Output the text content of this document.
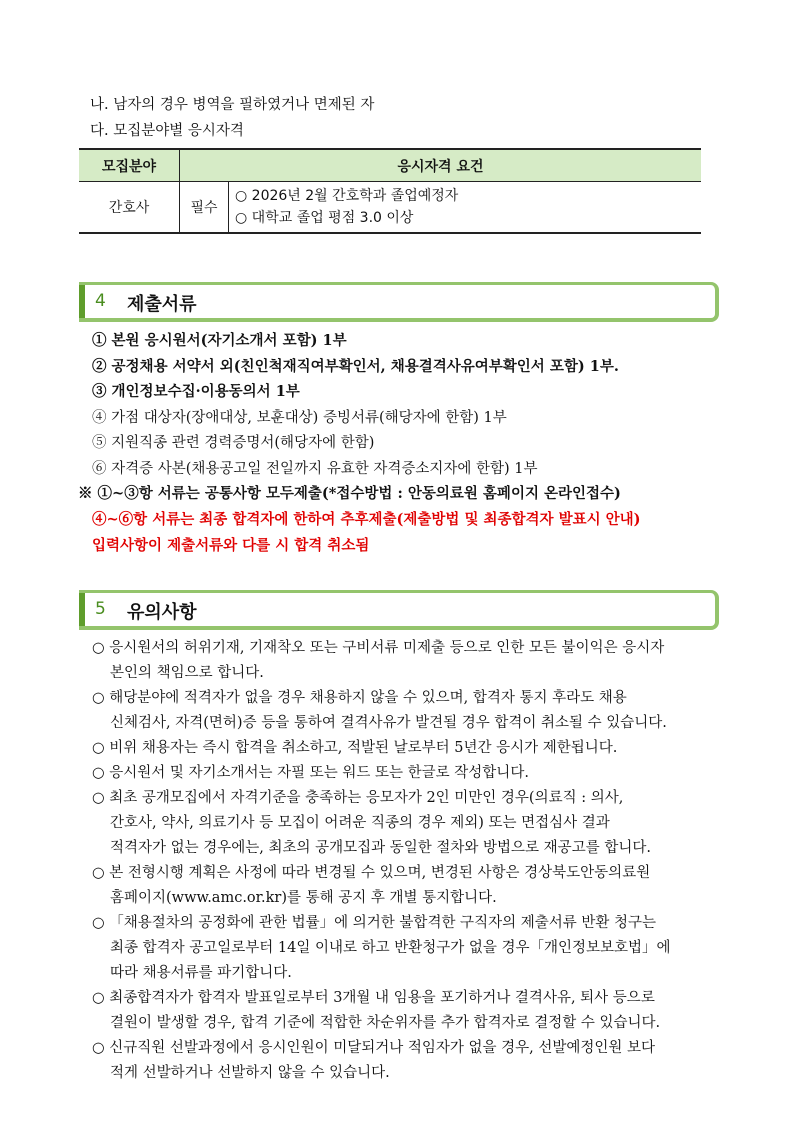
나. 남자의 경우 병역을 필하였거나 면제된 자
다. 모집분야별 응시자격
모집분야	응시자격 요건	
간호사	필수	○ 2026년 2월 간호학과 졸업예정자
○ 대학교 졸업 평점 3.0 이상
4 제출서류
① 본원 응시원서(자기소개서 포함) 1부
② 공정채용 서약서 외(친인척재직여부확인서, 채용결격사유여부확인서 포함) 1부.
③ 개인정보수집·이용동의서 1부
④ 가점 대상자(장애대상, 보훈대상) 증빙서류(해당자에 한함) 1부
⑤ 지원직종 관련 경력증명서(해당자에 한함)
⑥ 자격증 사본(채용공고일 전일까지 유효한 자격증소지자에 한함) 1부
※ ①~③항 서류는 공통사항 모두제출(*접수방법 : 안동의료원 홈페이지 온라인접수)
④~⑥항 서류는 최종 합격자에 한하여 추후제출(제출방법 및 최종합격자 발표시 안내)
입력사항이 제출서류와 다를 시 합격 취소됨
5 유의사항
○ 응시원서의 허위기재, 기재착오 또는 구비서류 미제출 등으로 인한 모든 불이익은 응시자
본인의 책임으로 합니다.
○ 해당분야에 적격자가 없을 경우 채용하지 않을 수 있으며, 합격자 통지 후라도 채용
신체검사, 자격(면허)증 등을 통하여 결격사유가 발견될 경우 합격이 취소될 수 있습니다.
○ 비위 채용자는 즉시 합격을 취소하고, 적발된 날로부터 5년간 응시가 제한됩니다.
○ 응시원서 및 자기소개서는 자필 또는 워드 또는 한글로 작성합니다.
○ 최초 공개모집에서 자격기준을 충족하는 응모자가 2인 미만인 경우(의료직 : 의사,
간호사, 약사, 의료기사 등 모집이 어려운 직종의 경우 제외) 또는 면접심사 결과
적격자가 없는 경우에는, 최초의 공개모집과 동일한 절차와 방법으로 재공고를 합니다.
○ 본 전형시행 계획은 사정에 따라 변경될 수 있으며, 변경된 사항은 경상북도안동의료원
홈페이지(www.amc.or.kr)를 통해 공지 후 개별 통지합니다.
○ 「채용절차의 공정화에 관한 법률」에 의거한 불합격한 구직자의 제출서류 반환 청구는
최종 합격자 공고일로부터 14일 이내로 하고 반환청구가 없을 경우「개인정보보호법」에
따라 채용서류를 파기합니다.
○ 최종합격자가 합격자 발표일로부터 3개월 내 임용을 포기하거나 결격사유, 퇴사 등으로
결원이 발생할 경우, 합격 기준에 적합한 차순위자를 추가 합격자로 결정할 수 있습니다.
○ 신규직원 선발과정에서 응시인원이 미달되거나 적임자가 없을 경우, 선발예정인원 보다
적게 선발하거나 선발하지 않을 수 있습니다.
